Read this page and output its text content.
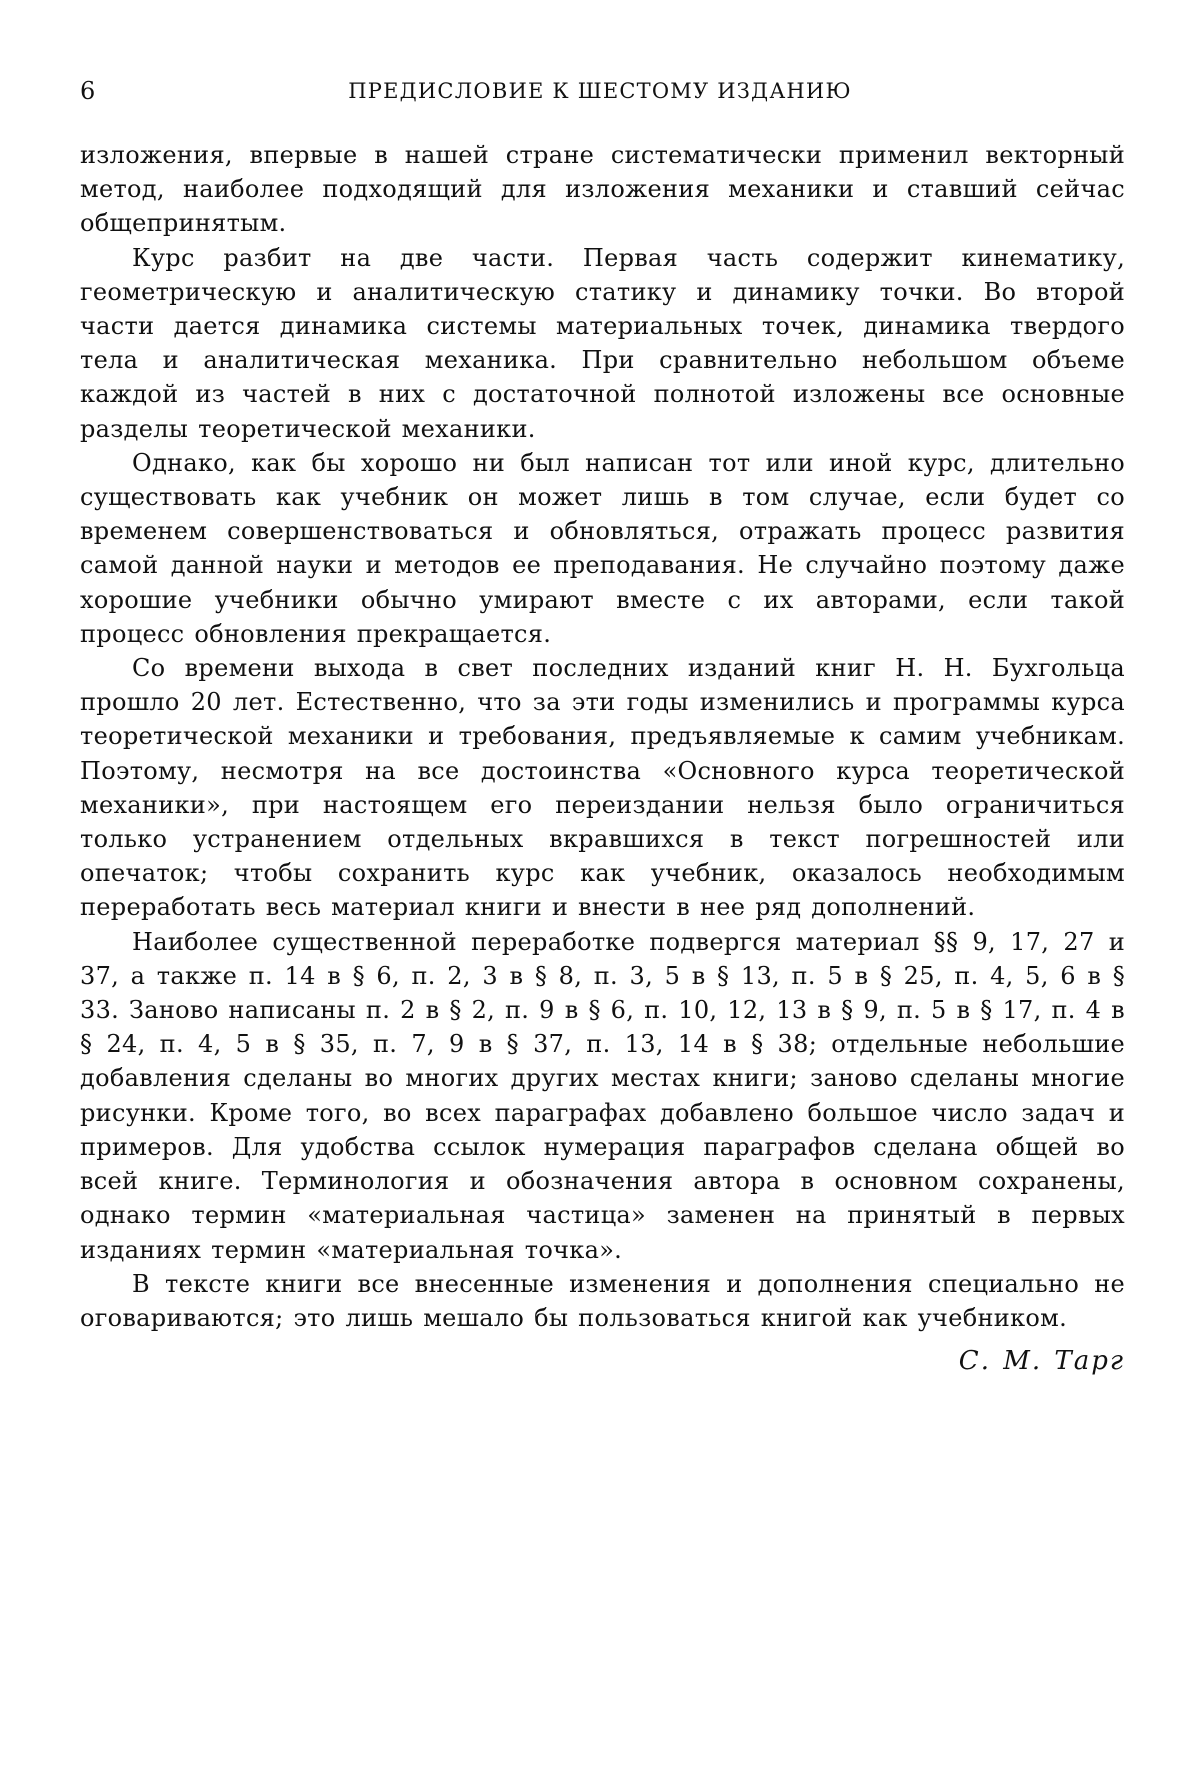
6	ПРЕДИСЛОВИЕ К ШЕСТОМУ ИЗДАНИЮ

изложения, впервые в нашей стране систематически применил векторный метод, наиболее подходящий для изложения механики и ставший сейчас общепринятым.

Курс разбит на две части. Первая часть содержит кинематику, геометрическую и аналитическую статику и динамику точки. Во второй части дается динамика системы материальных точек, динамика твердого тела и аналитическая механика. При сравнительно небольшом объеме каждой из частей в них с достаточной полнотой изложены все основные разделы теоретической механики.

Однако, как бы хорошо ни был написан тот или иной курс, длительно существовать как учебник он может лишь в том случае, если будет со временем совершенствоваться и обновляться, отражать процесс развития самой данной науки и методов ее преподавания. Не случайно поэтому даже хорошие учебники обычно умирают вместе с их авторами, если такой процесс обновления прекращается.

Со времени выхода в свет последних изданий книг Н. Н. Бухгольца прошло 20 лет. Естественно, что за эти годы изменились и программы курса теоретической механики и требования, предъявляемые к самим учебникам. Поэтому, несмотря на все достоинства «Основного курса теоретической механики», при настоящем его переиздании нельзя было ограничиться только устранением отдельных вкравшихся в текст погрешностей или опечаток; чтобы сохранить курс как учебник, оказалось необходимым переработать весь материал книги и внести в нее ряд дополнений.

Наиболее существенной переработке подвергся материал §§ 9, 17, 27 и 37, а также п. 14 в § 6, п. 2, 3 в § 8, п. 3, 5 в § 13, п. 5 в § 25, п. 4, 5, 6 в § 33. Заново написаны п. 2 в § 2, п. 9 в § 6, п. 10, 12, 13 в § 9, п. 5 в § 17, п. 4 в § 24, п. 4, 5 в § 35, п. 7, 9 в § 37, п. 13, 14 в § 38; отдельные небольшие добавления сделаны во многих других местах книги; заново сделаны многие рисунки. Кроме того, во всех параграфах добавлено большое число задач и примеров. Для удобства ссылок нумерация параграфов сделана общей во всей книге. Терминология и обозначения автора в основном сохранены, однако термин «материальная частица» заменен на принятый в первых изданиях термин «материальная точка».

В тексте книги все внесенные изменения и дополнения специально не оговариваются; это лишь мешало бы пользоваться книгой как учебником.

С. М. Тарг
